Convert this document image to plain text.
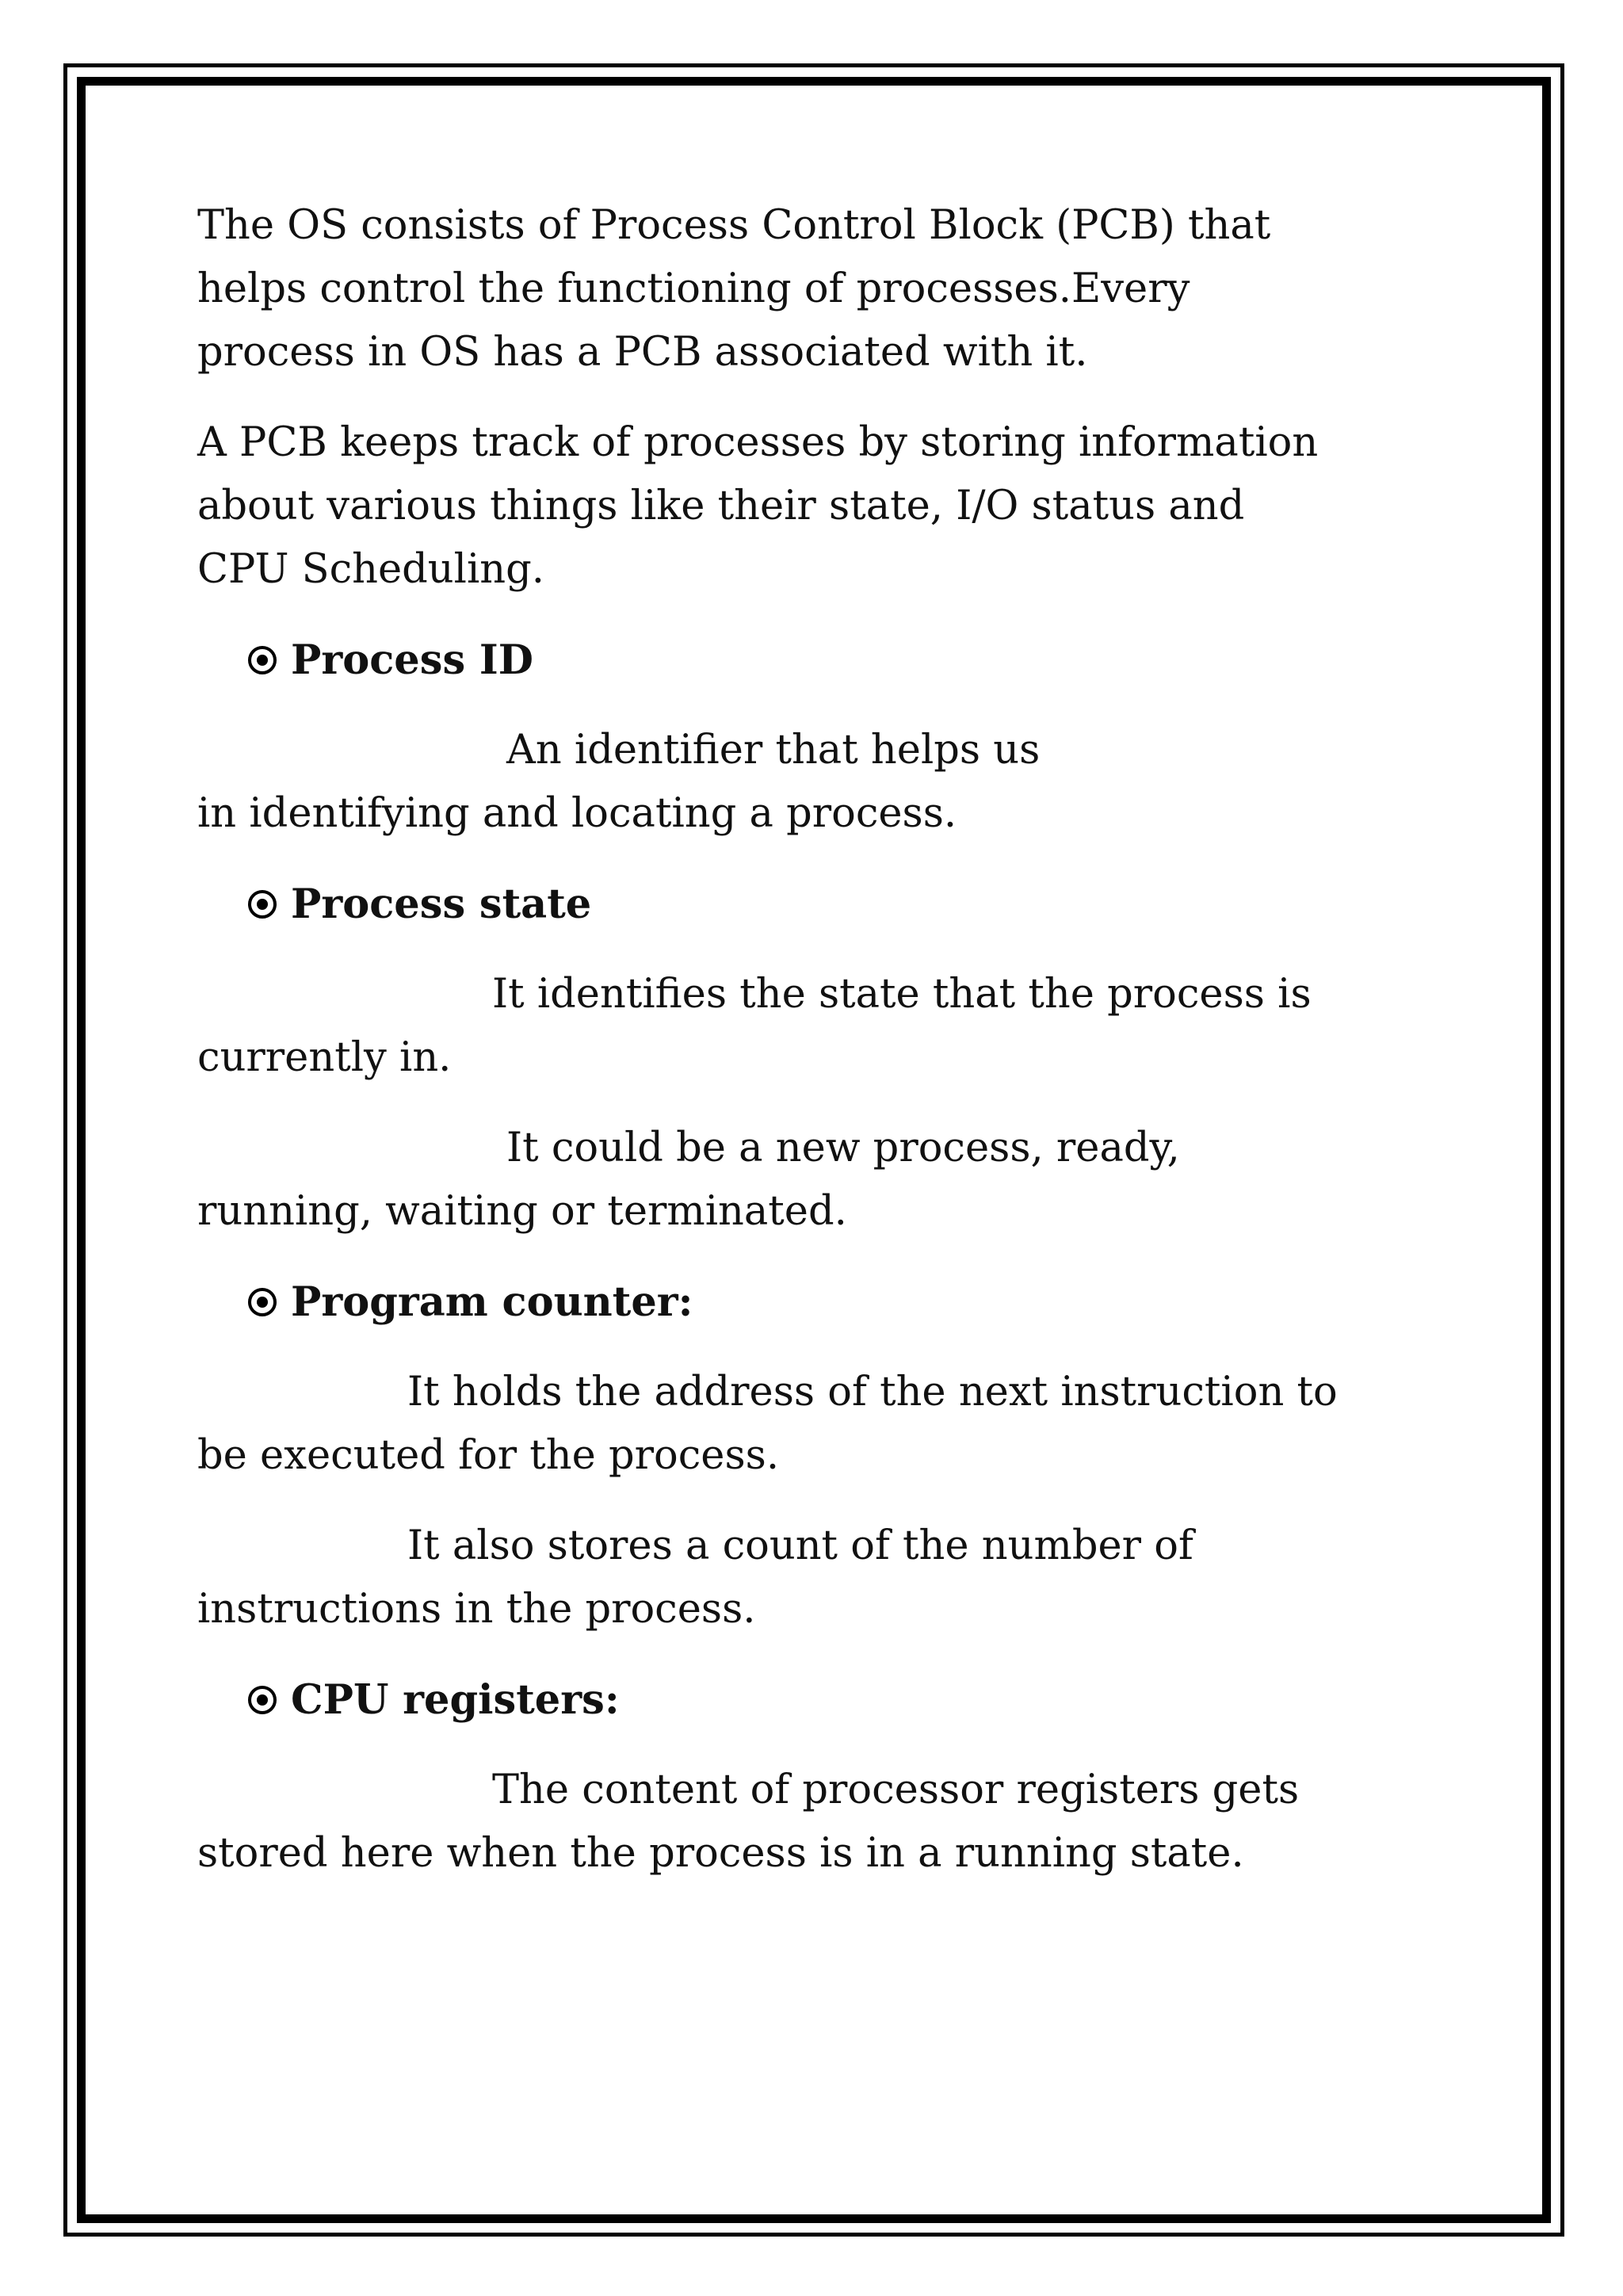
The OS consists of Process Control Block (PCB) that
helps control the functioning of processes.Every
process in OS has a PCB associated with it.

A PCB keeps track of processes by storing information
about various things like their state, I/O status and
CPU Scheduling.

Process ID

An identifier that helps us
in identifying and locating a process.

Process state

It identifies the state that the process is
currently in.

It could be a new process, ready,
running, waiting or terminated.

Program counter:

It holds the address of the next instruction to
be executed for the process.

It also stores a count of the number of
instructions in the process.

CPU registers:

The content of processor registers gets
stored here when the process is in a running state.
